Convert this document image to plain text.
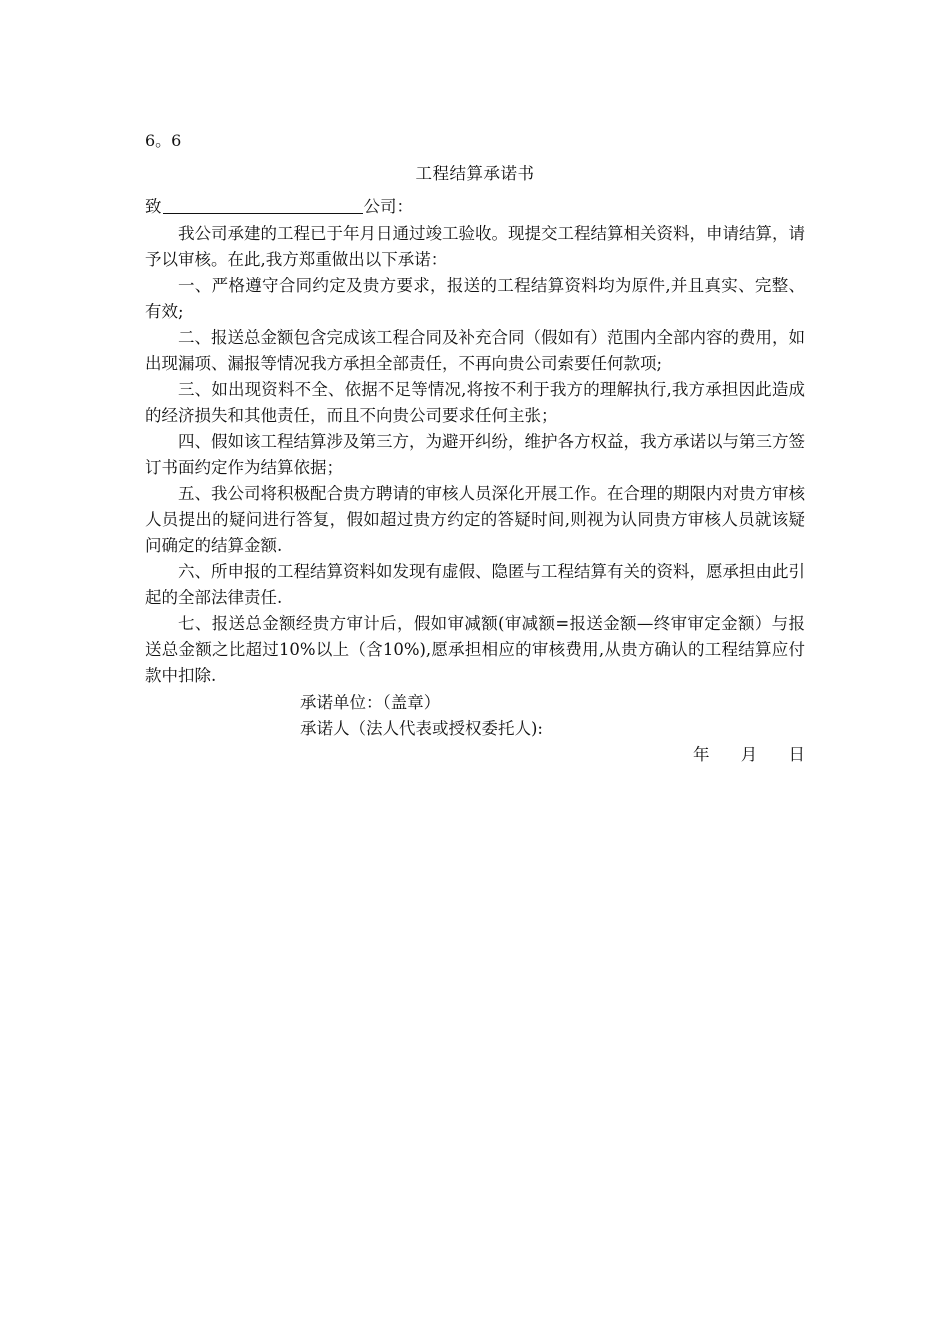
6。6
工程结算承诺书
致	公司：

我公司承建的工程已于年月日通过竣工验收。现提交工程结算相关资料，申请结算，请予以审核。在此,我方郑重做出以下承诺：

一、严格遵守合同约定及贵方要求，报送的工程结算资料均为原件,并且真实、完整、有效;

二、报送总金额包含完成该工程合同及补充合同（假如有）范围内全部内容的费用，如出现漏项、漏报等情况我方承担全部责任，不再向贵公司索要任何款项;

三、如出现资料不全、依据不足等情况,将按不利于我方的理解执行,我方承担因此造成的经济损失和其他责任，而且不向贵公司要求任何主张；

四、假如该工程结算涉及第三方，为避开纠纷，维护各方权益，我方承诺以与第三方签订书面约定作为结算依据；

五、我公司将积极配合贵方聘请的审核人员深化开展工作。在合理的期限内对贵方审核人员提出的疑问进行答复，假如超过贵方约定的答疑时间,则视为认同贵方审核人员就该疑问确定的结算金额.

六、所申报的工程结算资料如发现有虚假、隐匿与工程结算有关的资料，愿承担由此引起的全部法律责任.

七、报送总金额经贵方审计后，假如审减额(审减额=报送金额—终审审定金额）与报送总金额之比超过10%以上（含10%),愿承担相应的审核费用,从贵方确认的工程结算应付款中扣除.

承诺单位：（盖章）
承诺人（法人代表或授权委托人):
年 月 日
